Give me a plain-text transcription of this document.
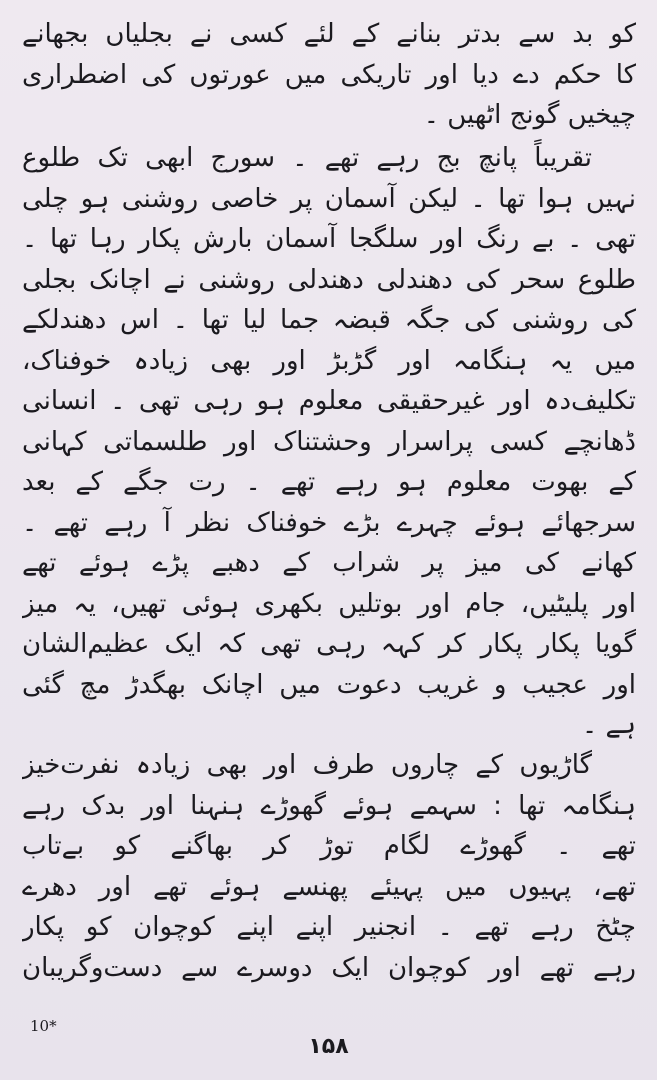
کو بد سے بدتر بنانے کے لئے کسی نے بجلیاں بجھانے
کا حکم دے دیا اور تاریکی میں عورتوں کی اضطراری
چیخیں گونج اٹھیں ۔
تقریباً پانچ بج رہے تھے ۔ سورج ابھی تک طلوع
نہیں ہوا تھا ۔ لیکن آسمان پر خاصی روشنی ہو چلی
تھی ۔ بے رنگ اور سلگجا آسمان بارش پکار رہا تھا ۔
طلوع سحر کی دھندلی دھندلی روشنی نے اچانک بجلی
کی روشنی کی جگہ قبضہ جما لیا تھا ۔ اس دھندلکے
میں یہ ہنگامہ اور گڑبڑ اور بھی زیادہ خوفناک،
تکلیف‌دہ اور غیرحقیقی معلوم ہو رہی تھی ۔ انسانی
ڈھانچے کسی پراسرار وحشتناک اور طلسماتی کہانی
کے بھوت معلوم ہو رہے تھے ۔ رت جگے کے بعد
سرجھائے ہوئے چہرے بڑے خوفناک نظر آ رہے تھے ۔
کھانے کی میز پر شراب کے دھبے پڑے ہوئے تھے
اور پلیٹیں، جام اور بوتلیں بکھری ہوئی تھیں، یہ میز
گویا پکار پکار کر کہہ رہی تھی کہ ایک عظیم‌الشان
اور عجیب و غریب دعوت میں اچانک بھگدڑ مچ گئی
ہے ۔
گاڑیوں کے چاروں طرف اور بھی زیادہ نفرت‌خیز
ہنگامہ تھا : سہمے ہوئے گھوڑے ہنہنا اور بدک رہے
تھے ۔ گھوڑے لگام توڑ کر بھاگنے کو بے‌تاب
تھے، پہیوں میں پہیئے پھنسے ہوئے تھے اور دھرے
چٹخ رہے تھے ۔ انجنیر اپنے اپنے کوچوان کو پکار
رہے تھے اور کوچوان ایک دوسرے سے دست‌وگریبان
10*
۱۵۸
